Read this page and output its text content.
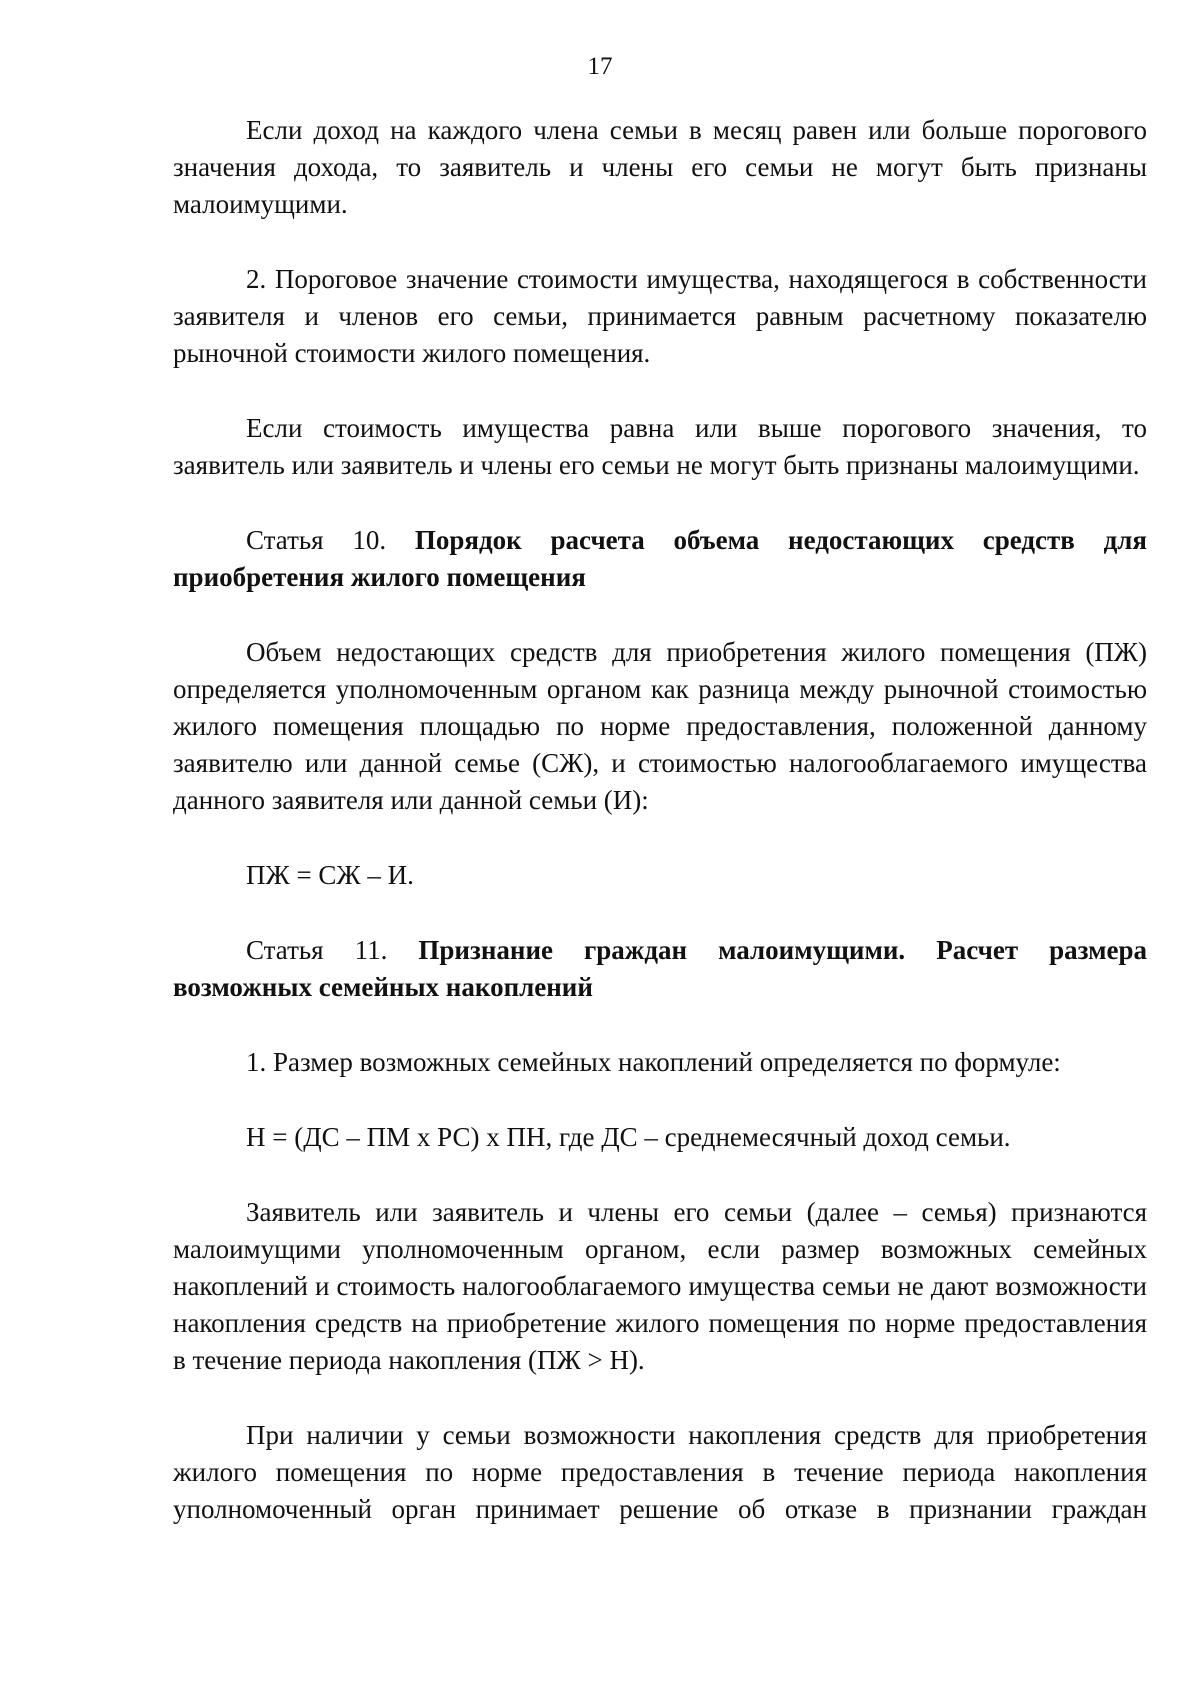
17

Если доход на каждого члена семьи в месяц равен или больше порогового значения дохода, то заявитель и члены его семьи не могут быть признаны малоимущими.

2. Пороговое значение стоимости имущества, находящегося в собственности заявителя и членов его семьи, принимается равным расчетному показателю рыночной стоимости жилого помещения.

Если стоимость имущества равна или выше порогового значения, то заявитель или заявитель и члены его семьи не могут быть признаны малоимущими.

Статья 10. Порядок расчета объема недостающих средств для приобретения жилого помещения

Объем недостающих средств для приобретения жилого помещения (ПЖ) определяется уполномоченным органом как разница между рыночной стоимостью жилого помещения площадью по норме предоставления, положенной данному заявителю или данной семье (СЖ), и стоимостью налогооблагаемого имущества данного заявителя или данной семьи (И):

ПЖ = СЖ – И.

Статья 11. Признание граждан малоимущими. Расчет размера возможных семейных накоплений

1. Размер возможных семейных накоплений определяется по формуле:

Н = (ДС – ПМ х РС) х ПН, где ДС – среднемесячный доход семьи.

Заявитель или заявитель и члены его семьи (далее – семья) признаются малоимущими уполномоченным органом, если размер возможных семейных накоплений и стоимость налогооблагаемого имущества семьи не дают возможности накопления средств на приобретение жилого помещения по норме предоставления в течение периода накопления (ПЖ > Н).

При наличии у семьи возможности накопления средств для приобретения жилого помещения по норме предоставления в течение периода накопления уполномоченный орган принимает решение об отказе в признании граждан
